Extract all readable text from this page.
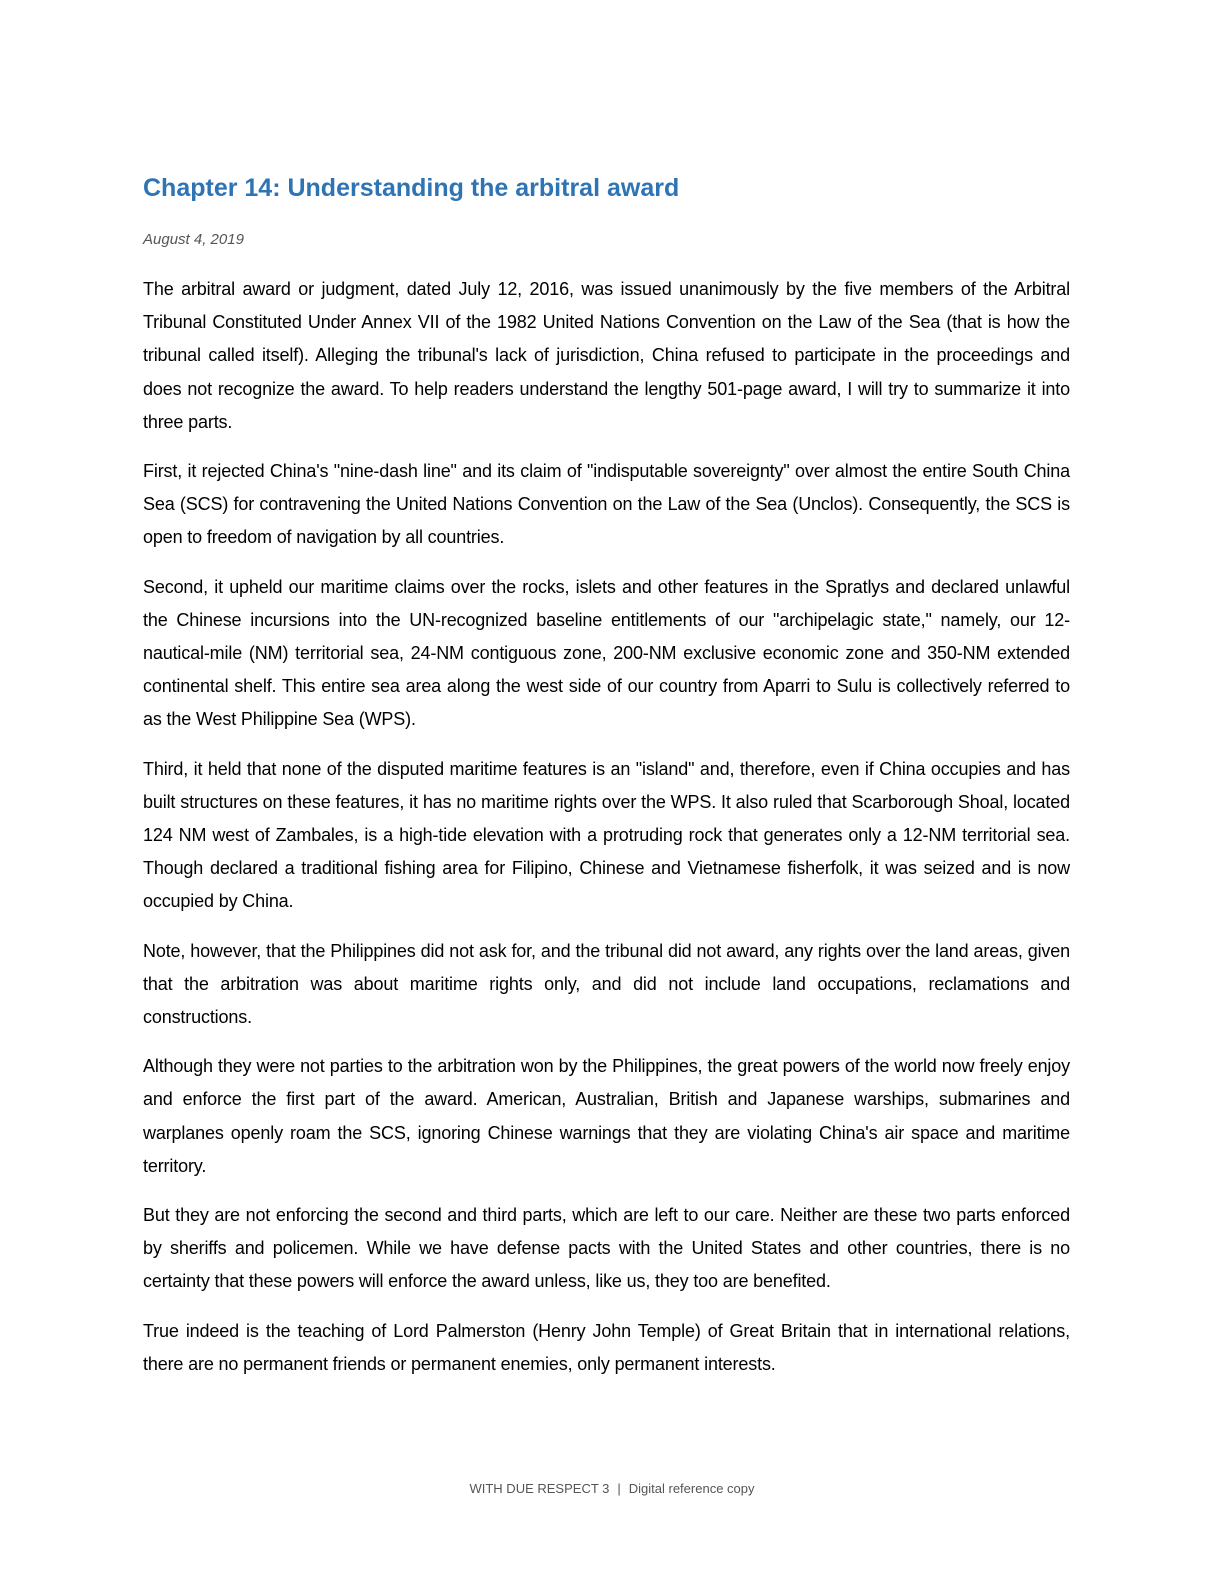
Chapter 14: Understanding the arbitral award
August 4, 2019

The arbitral award or judgment, dated July 12, 2016, was issued unanimously by the five members of the Arbitral Tribunal Constituted Under Annex VII of the 1982 United Nations Convention on the Law of the Sea (that is how the tribunal called itself). Alleging the tribunal's lack of jurisdiction, China refused to participate in the proceedings and does not recognize the award. To help readers understand the lengthy 501-page award, I will try to summarize it into three parts.

First, it rejected China's "nine-dash line" and its claim of "indisputable sovereignty" over almost the entire South China Sea (SCS) for contravening the United Nations Convention on the Law of the Sea (Unclos). Consequently, the SCS is open to freedom of navigation by all countries.

Second, it upheld our maritime claims over the rocks, islets and other features in the Spratlys and declared unlawful the Chinese incursions into the UN-recognized baseline entitlements of our "archipelagic state," namely, our 12-nautical-mile (NM) territorial sea, 24-NM contiguous zone, 200-NM exclusive economic zone and 350-NM extended continental shelf. This entire sea area along the west side of our country from Aparri to Sulu is collectively referred to as the West Philippine Sea (WPS).

Third, it held that none of the disputed maritime features is an "island" and, therefore, even if China occupies and has built structures on these features, it has no maritime rights over the WPS. It also ruled that Scarborough Shoal, located 124 NM west of Zambales, is a high-tide elevation with a protruding rock that generates only a 12-NM territorial sea. Though declared a traditional fishing area for Filipino, Chinese and Vietnamese fisherfolk, it was seized and is now occupied by China.

Note, however, that the Philippines did not ask for, and the tribunal did not award, any rights over the land areas, given that the arbitration was about maritime rights only, and did not include land occupations, reclamations and constructions.

Although they were not parties to the arbitration won by the Philippines, the great powers of the world now freely enjoy and enforce the first part of the award. American, Australian, British and Japanese warships, submarines and warplanes openly roam the SCS, ignoring Chinese warnings that they are violating China's air space and maritime territory.

But they are not enforcing the second and third parts, which are left to our care. Neither are these two parts enforced by sheriffs and policemen. While we have defense pacts with the United States and other countries, there is no certainty that these powers will enforce the award unless, like us, they too are benefited.

True indeed is the teaching of Lord Palmerston (Henry John Temple) of Great Britain that in international relations, there are no permanent friends or permanent enemies, only permanent interests.

WITH DUE RESPECT 3 | Digital reference copy
